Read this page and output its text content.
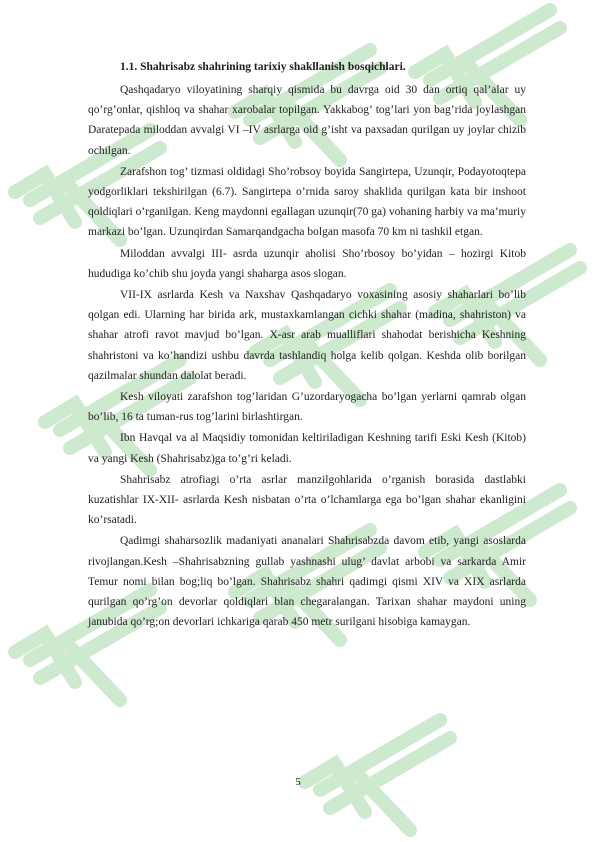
1.1. Shahrisabz shahrining tarixiy shakllanish bosqichlari.

Qashqadaryo viloyatining sharqiy qismida bu davrga oid 30 dan ortiq qal’alar uy qo’rg’onlar, qishloq va shahar xarobalar topilgan. Yakkabog’ tog’lari yon bag’rida joylashgan Daratepada miloddan avvalgi VI –IV asrlarga oid g’isht va paxsadan qurilgan uy joylar chizib ochilgan.

Zarafshon tog’ tizmasi oldidagi Sho’robsoy boyida Sangirtepa, Uzunqir, Podayotoqtepa yodgorliklari tekshirilgan (6.7). Sangirtepa o’rnida saroy shaklida qurilgan kata bir inshoot qoldiqlari o’rganilgan. Keng maydonni egallagan uzunqir(70 ga) vohaning harbiy va ma’muriy markazi bo’lgan. Uzunqirdan Samarqandgacha bolgan masofa 70 km ni tashkil etgan.

Miloddan avvalgi III- asrda uzunqir aholisi Sho’rbosoy bo’yidan – hozirgi Kitob hududiga ko’chib shu joyda yangi shaharga asos slogan.

VII-IX asrlarda Kesh va Naxshav Qashqadaryo voxasining asosiy shaharlari bo’lib qolgan edi. Ularning har birida ark, mustaxkamlangan cichki shahar (madina, shahriston) va shahar atrofi ravot mavjud bo’lgan. X-asr arab mualliflari shahodat berishicha Keshning shahristoni va ko’handizi ushbu davrda tashlandiq holga kelib qolgan. Keshda olib borilgan qazilmalar shundan dalolat beradi.

Kesh viloyati zarafshon tog’laridan G’uzordaryogacha bo’lgan yerlarni qamrab olgan bo’lib, 16 ta tuman-rus tog’larini birlashtirgan.

Ibn Havqal va al Maqsidiy tomonidan keltiriladigan Keshning tarifi Eski Kesh (Kitob) va yangi Kesh (Shahrisabz)ga to’g’ri keladi.

Shahrisabz atrofiagi o’rta asrlar manzilgohlarida o’rganish borasida dastlabki kuzatishlar IX-XII- asrlarda Kesh nisbatan o’rta o’lchamlarga ega bo’lgan shahar ekanligini ko’rsatadi.

Qadimgi shaharsozlik madaniyati ananalari Shahrisabzda davom etib, yangi asoslarda rivojlangan.Kesh –Shahrisabzning gullab yashnashi ulug’ davlat arbobi va sarkarda Amir Temur nomi bilan bog;liq bo’lgan. Shahrisabz shahri qadimgi qismi XIV va XIX asrlarda qurilgan qo’rg’on devorlar qoldiqlari blan chegaralangan. Tarixan shahar maydoni uning janubida qo’rg;on devorlari ichkariga qarab 450 metr surilgani hisobiga kamaygan.

5
